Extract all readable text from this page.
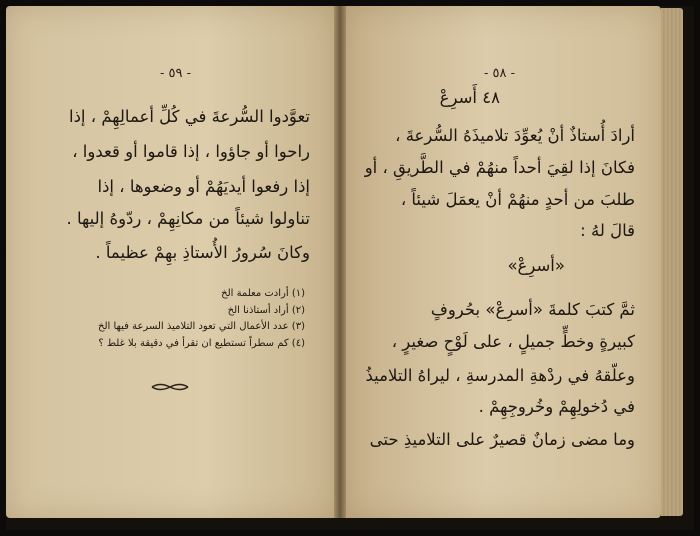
- ٥٩ -
تعوَّدوا السُّرعةَ في كُلِّ أعمالِهِمْ ، إذا
راحوا أو جاؤوا ، إذا قاموا أو قعدوا ،
إذا رفعوا أيديَهُمْ أو وضعوها ، إذا
تناولوا شيئاً من مكانِهِمْ ، ردّوهُ إليها .
وكانَ سُرورُ الأُستاذِ بهِمْ عظيماً .
(١) أرادت معلمة الخ
(٢) أراد أستاذنا الخ
(٣) عدد الأعمال التي تعود التلاميذ السرعة فيها الخ
(٤) كم سطراً تستطيع ان تقرأ في دقيقة بلا غلط ؟
- ٥٨ -
٤٨ أَسرِعْ
أرادَ أُستاذٌ أنْ يُعوِّدَ تلاميذَهُ السُّرعةَ ،
فكانَ إذا لقِيَ أحداً منهُمْ في الطَّريقِ ، أو
طلبَ من أحدٍ منهُمْ أنْ يعمَلَ شيئاً ،
قالَ لهُ :
«أسرِعْ»
ثمَّ كتبَ كلمةَ «أسرِعْ» بحُروفٍ
كبيرةٍ وخطٍّ جميلٍ ، على لَوْحٍ صغيرٍ ،
وعلّقهُ في ردْهةِ المدرسةِ ، ليراهُ التلاميذُ
في دُخولِهِمْ وخُروجِهِمْ .
وما مضى زمانٌ قصيرٌ على التلاميذِ حتى
